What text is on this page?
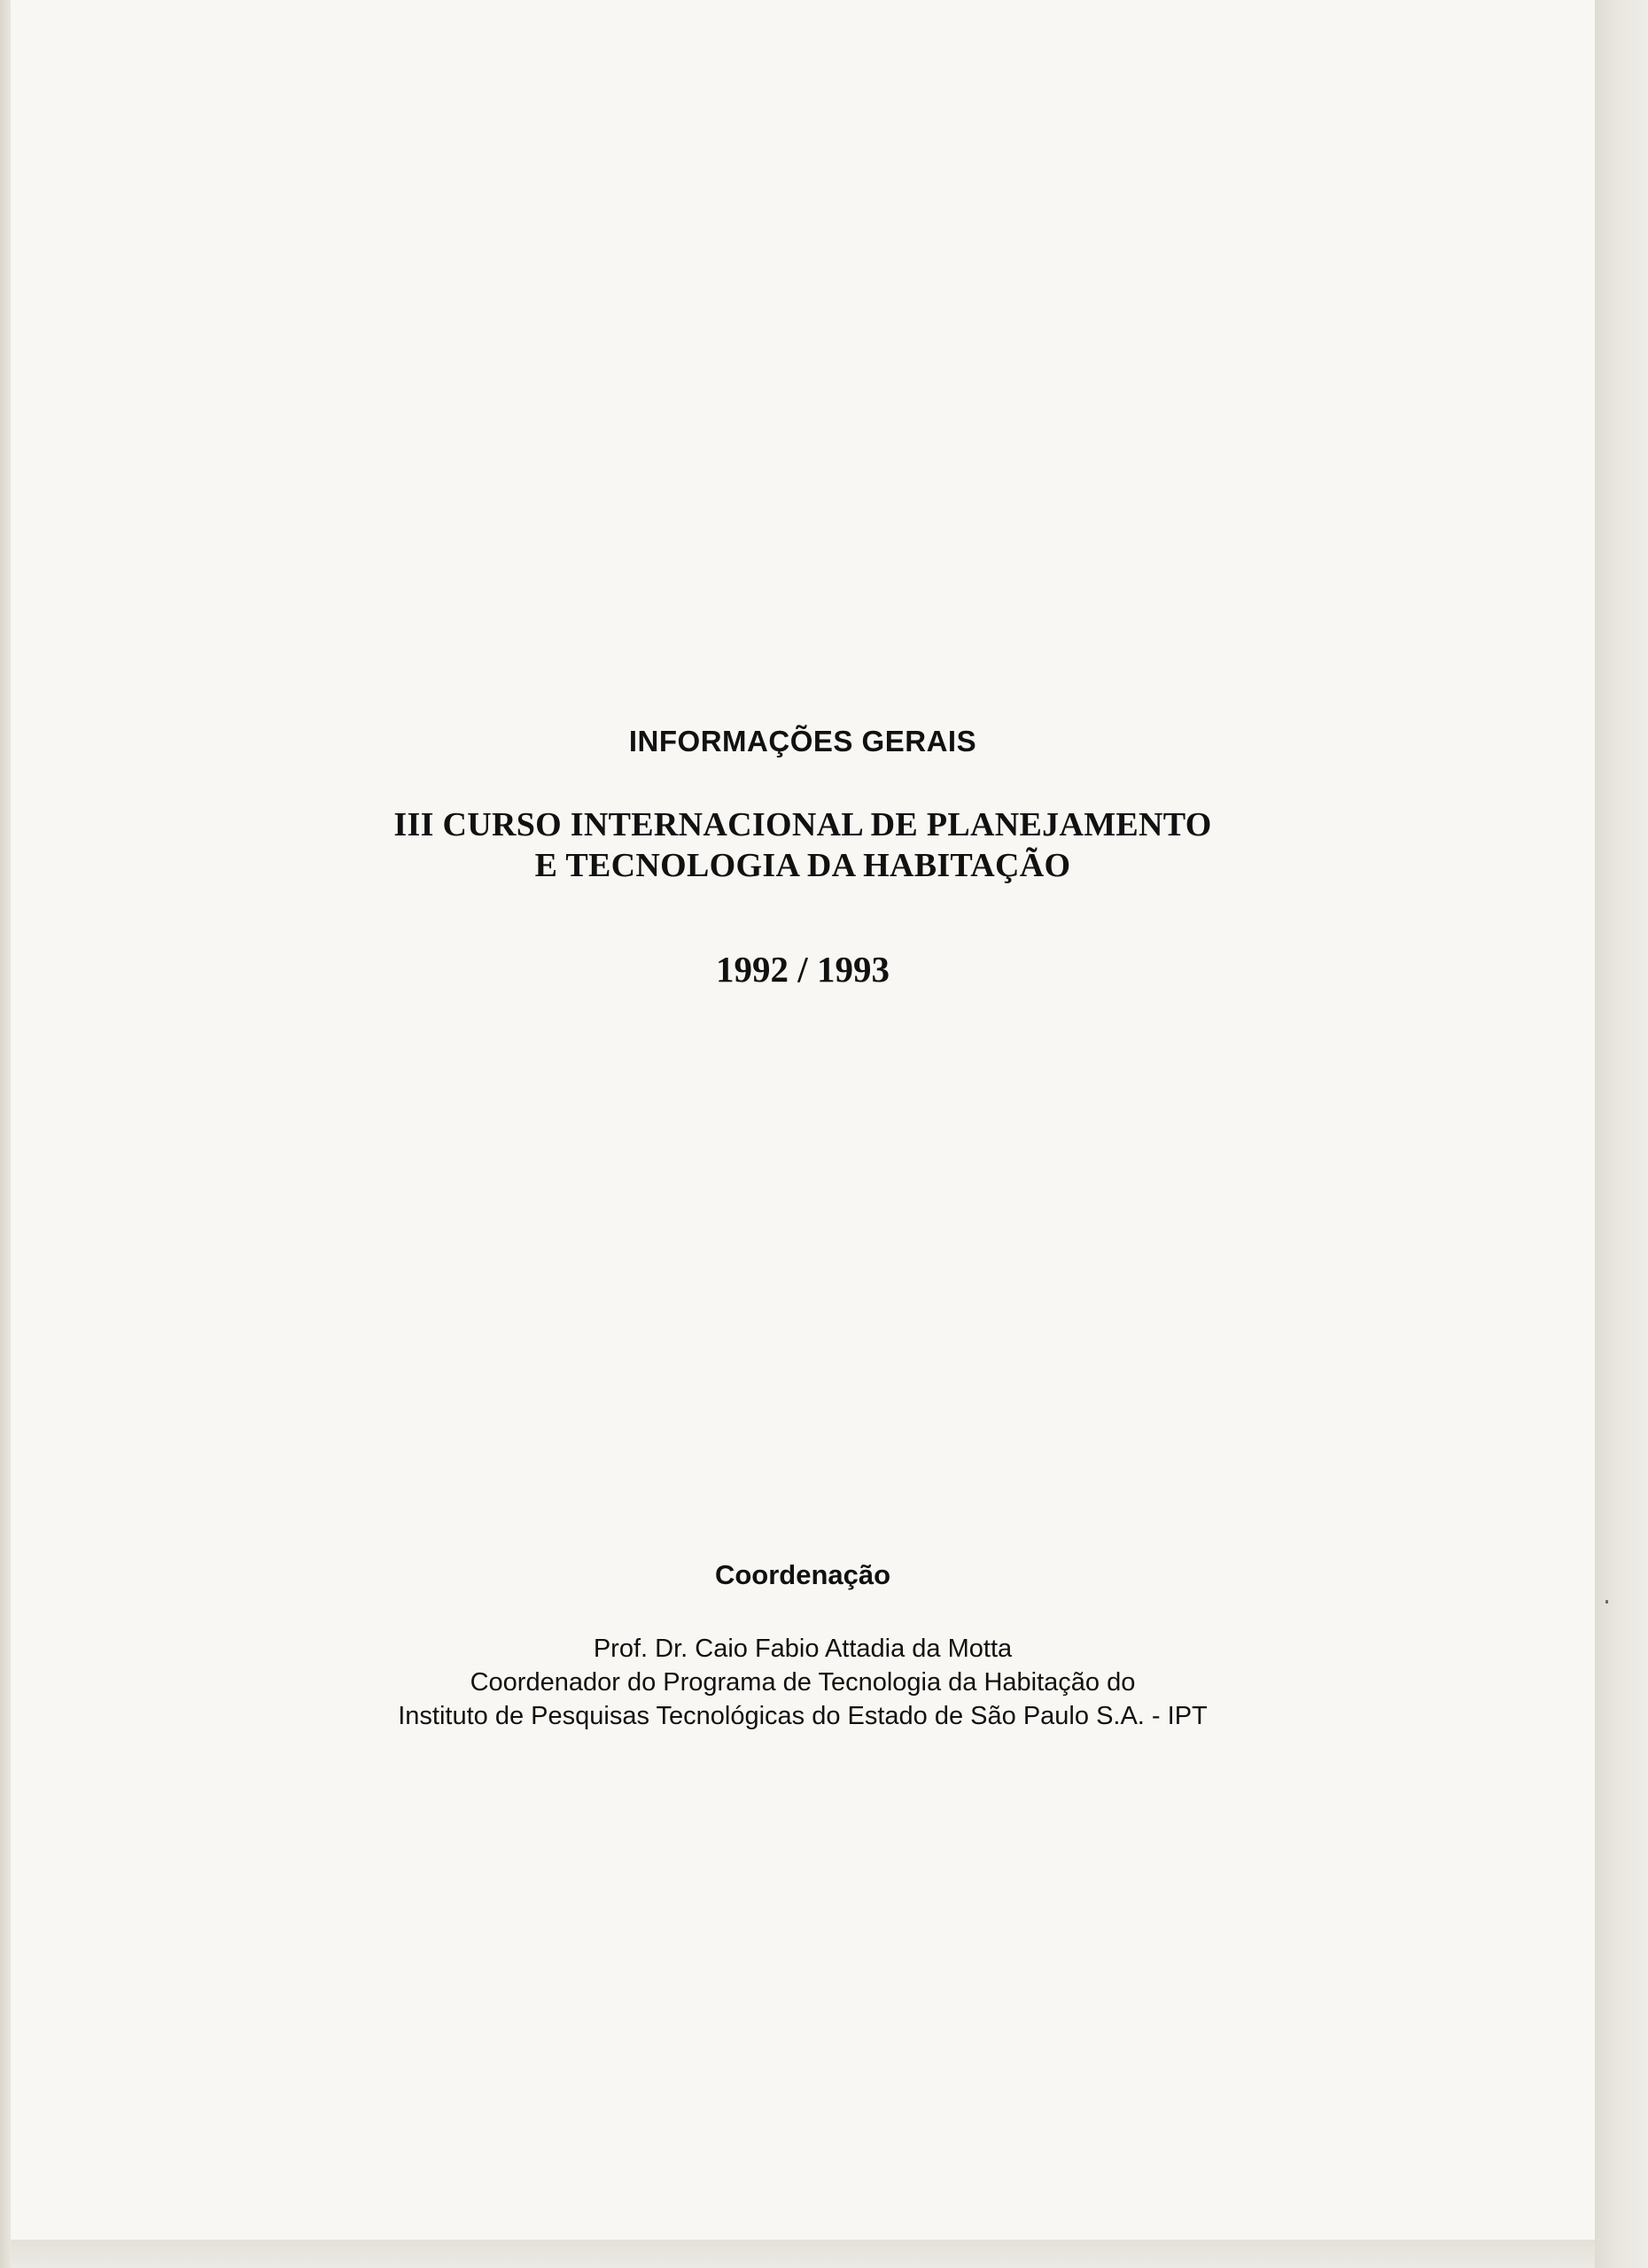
INFORMAÇÕES GERAIS
III CURSO INTERNACIONAL DE PLANEJAMENTO
E TECNOLOGIA DA HABITAÇÃO
1992 / 1993
Coordenação
Prof. Dr. Caio Fabio Attadia da Motta
Coordenador do Programa de Tecnologia da Habitação do
Instituto de Pesquisas Tecnológicas do Estado de São Paulo S.A. - IPT
